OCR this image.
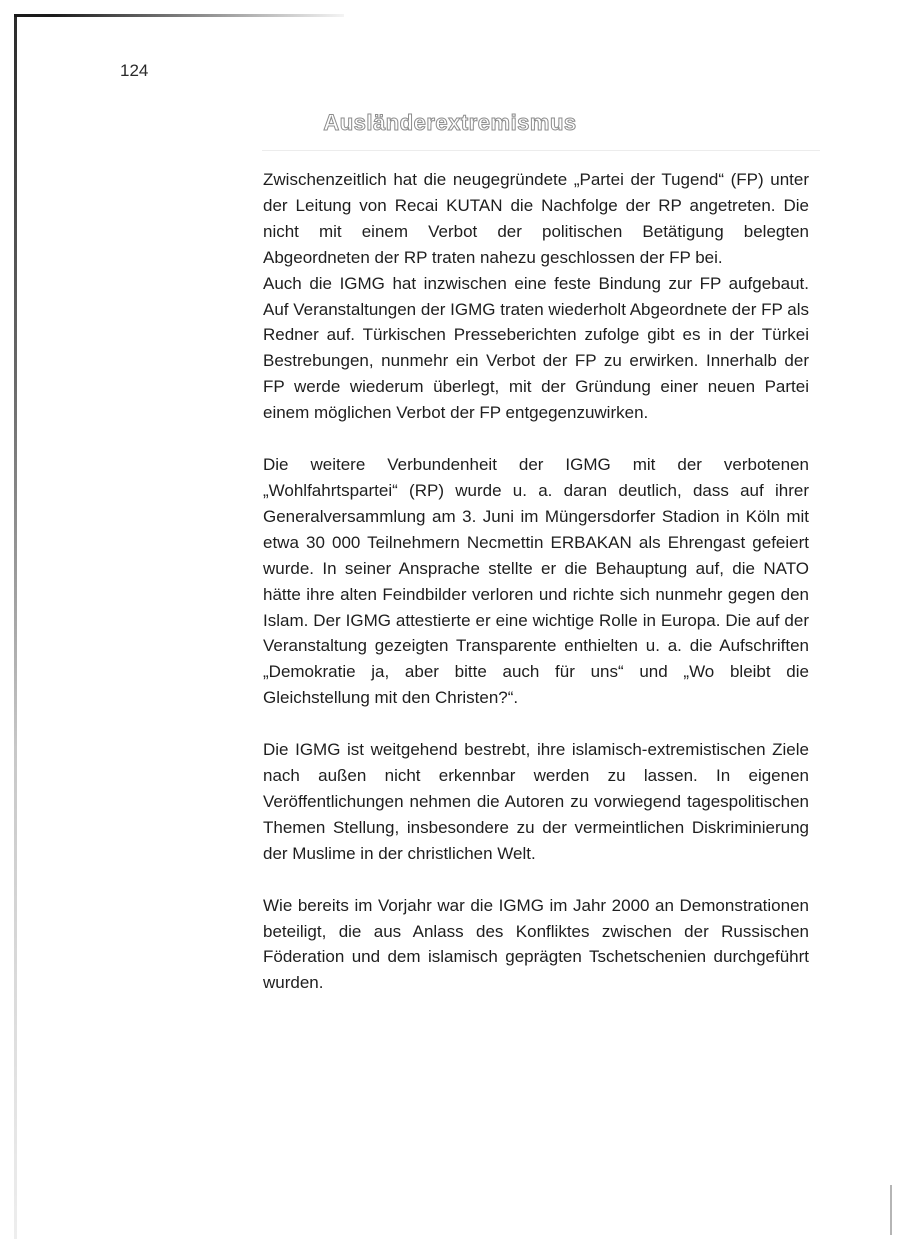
124
Ausländerextremismus

Zwischenzeitlich hat die neugegründete „Partei der Tugend“ (FP) unter der Leitung von Recai KUTAN die Nachfolge der RP angetreten. Die nicht mit einem Verbot der politischen Betätigung belegten Abgeordneten der RP traten nahezu geschlossen der FP bei.

Auch die IGMG hat inzwischen eine feste Bindung zur FP aufgebaut. Auf Veranstaltungen der IGMG traten wiederholt Abgeordnete der FP als Redner auf. Türkischen Presseberichten zufolge gibt es in der Türkei Bestrebungen, nunmehr ein Verbot der FP zu erwirken. Innerhalb der FP werde wiederum überlegt, mit der Gründung einer neuen Partei einem möglichen Verbot der FP entgegenzuwirken.

Die weitere Verbundenheit der IGMG mit der verbotenen „Wohlfahrtspartei“ (RP) wurde u. a. daran deutlich, dass auf ihrer Generalversammlung am 3. Juni im Müngersdorfer Stadion in Köln mit etwa 30 000 Teilnehmern Necmettin ERBAKAN als Ehrengast gefeiert wurde. In seiner Ansprache stellte er die Behauptung auf, die NATO hätte ihre alten Feindbilder verloren und richte sich nunmehr gegen den Islam. Der IGMG attestierte er eine wichtige Rolle in Europa. Die auf der Veranstaltung gezeigten Transparente enthielten u. a. die Aufschriften „Demokratie ja, aber bitte auch für uns“ und „Wo bleibt die Gleichstellung mit den Christen?“.

Die IGMG ist weitgehend bestrebt, ihre islamisch-extremistischen Ziele nach außen nicht erkennbar werden zu lassen. In eigenen Veröffentlichungen nehmen die Autoren zu vorwiegend tagespolitischen Themen Stellung, insbesondere zu der vermeintlichen Diskriminierung der Muslime in der christlichen Welt.

Wie bereits im Vorjahr war die IGMG im Jahr 2000 an Demonstrationen beteiligt, die aus Anlass des Konfliktes zwischen der Russischen Föderation und dem islamisch geprägten Tschetschenien durchgeführt wurden.
